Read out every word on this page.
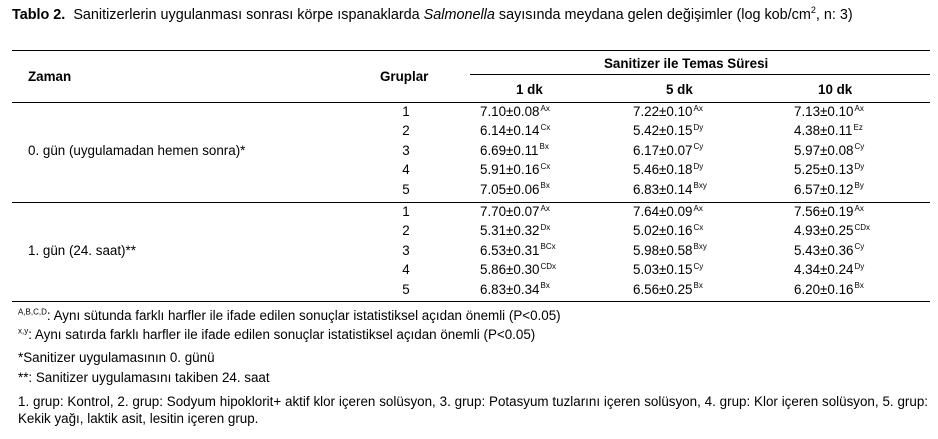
Tablo 2. Sanitizerlerin uygulanması sonrası körpe ıspanaklarda Salmonella sayısında meydana gelen değişimler (log kob/$cm^2$, n: 3)
Zaman	Gruplar
Sanitizer ile Temas Süresi
1 dk	5 dk	10 dk
0. gün (uygulamadan hemen sonra)*
1	$7.10\pm 0.08^{Ax}$	$7.22\pm 0.10^{Ax}$	$7.13\pm 0.10^{Ax}$
2	$6.14\pm 0.14^{Cx}$	$5.42\pm 0.15^{Dy}$	$4.38\pm 0.11^{Ez}$
3	$6.69\pm 0.11^{Bx}$	$6.17\pm 0.07^{Cy}$	$5.97\pm 0.08^{Cy}$
4	$5.91\pm 0.16^{Cx}$	$5.46\pm 0.18^{Dy}$	$5.25\pm 0.13^{Dy}$
5	$7.05\pm 0.06^{Bx}$	$6.83\pm 0.14^{Bxy}$	$6.57\pm 0.12^{By}$
1. gün (24. saat)**
1	$7.70\pm 0.07^{Ax}$	$7.64\pm 0.09^{Ax}$	$7.56\pm 0.19^{Ax}$
2	$5.31\pm 0.32^{Dx}$	$5.02\pm 0.16^{Cx}$	$4.93\pm 0.25^{CDx}$
3	$6.53\pm 0.31^{BCx}$	$5.98\pm 0.58^{Bxy}$	$5.43\pm 0.36^{Cy}$
4	$5.86\pm 0.30^{CDx}$	$5.03\pm 0.15^{Cy}$	$4.34\pm 0.24^{Dy}$
5	$6.83\pm 0.34^{Bx}$	$6.56\pm 0.25^{Bx}$	$6.20\pm 0.16^{Bx}$
$^{A,B,C,D}$: Aynı sütunda farklı harfler ile ifade edilen sonuçlar istatistiksel açıdan önemli (P<0.05)
$^{x,y}$: Aynı satırda farklı harfler ile ifade edilen sonuçlar istatistiksel açıdan önemli (P<0.05)
*Sanitizer uygulamasının 0. günü
**: Sanitizer uygulamasını takiben 24. saat
1. grup: Kontrol, 2. grup: Sodyum hipoklorit+ aktif klor içeren solüsyon, 3. grup: Potasyum tuzlarını içeren solüsyon, 4. grup: Klor içeren solüsyon, 5. grup: Kekik yağı, laktik asit, lesitin içeren grup.
